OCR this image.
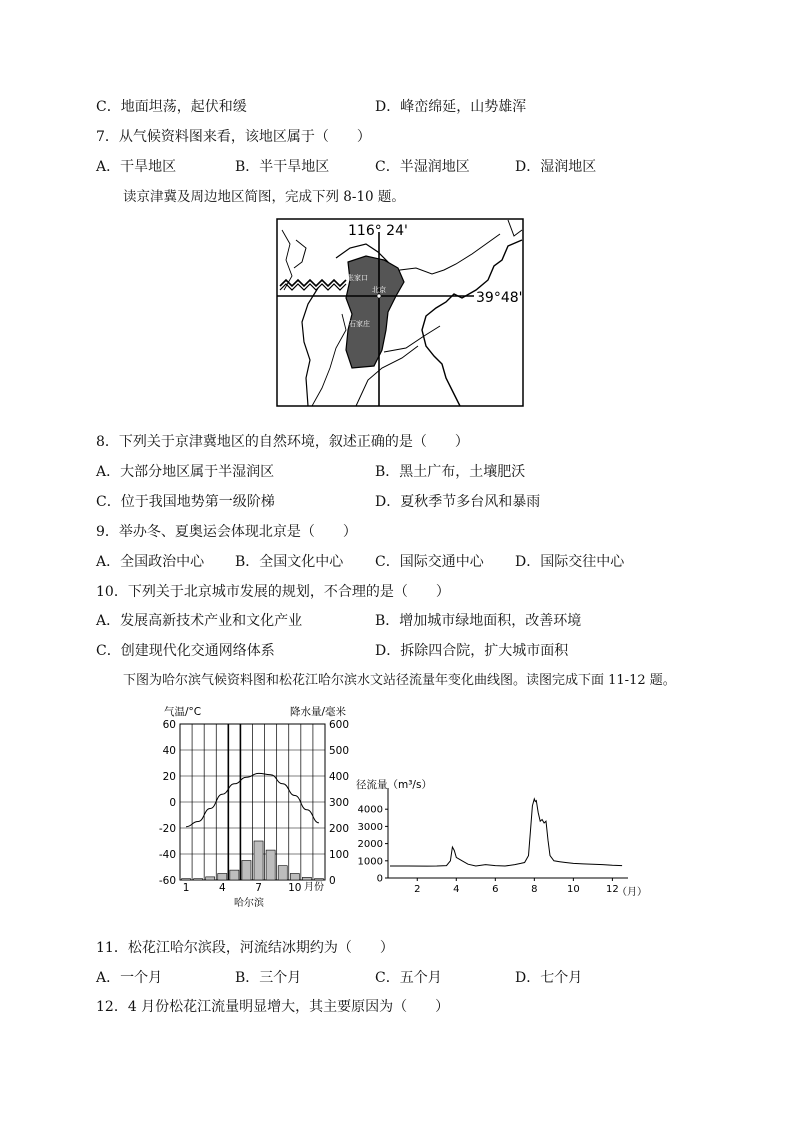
C．地面坦荡，起伏和缓	D．峰峦绵延，山势雄浑
7．从气候资料图来看，该地区属于（　　）
A．干旱地区	B．半干旱地区	C．半湿润地区	D．湿润地区
读京津冀及周边地区简图，完成下列 8-10 题。
116° 24'
39°48'
张家口
北京
天津
石家庄
8．下列关于京津冀地区的自然环境，叙述正确的是（　　）
A．大部分地区属于半湿润区	B．黑土广布，土壤肥沃
C．位于我国地势第一级阶梯	D．夏秋季节多台风和暴雨
9．举办冬、夏奥运会体现北京是（　　）
A．全国政治中心 B．全国文化中心 C．国际交通中心 D．国际交往中心
10．下列关于北京城市发展的规划，不合理的是（　　）
A．发展高新技术产业和文化产业	B．增加城市绿地面积，改善环境
C．创建现代化交通网络体系	D．拆除四合院，扩大城市面积
下图为哈尔滨气候资料图和松花江哈尔滨水文站径流量年变化曲线图。读图完成下面 11-12 题。
60
40
20
0
-20
-40
-60
600
500
400
300
200
100
0
1	4	7 10
气温/°C	降水量/毫米
月份
哈尔滨
径流量（m³/s）
0
1000
2000
3000
4000
2	4	6	8	10	12
（月）
11．松花江哈尔滨段，河流结冰期约为（　　）
A．一个月	B．三个月	C．五个月	D．七个月
12．4 月份松花江流量明显增大，其主要原因为（　　）
